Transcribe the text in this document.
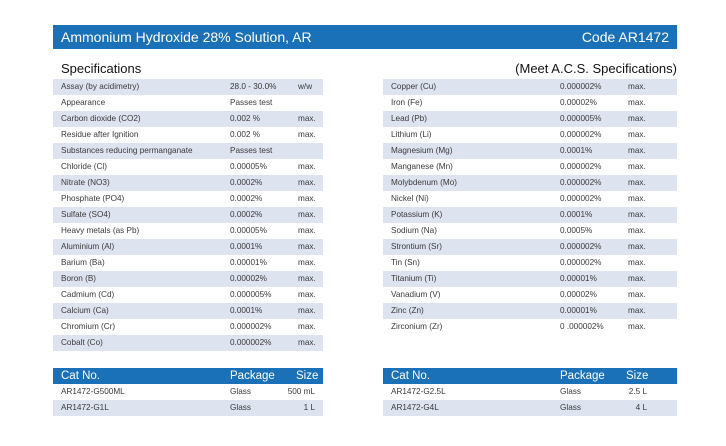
Ammonium Hydroxide 28% Solution, AR	Code AR1472
Specifications	(Meet A.C.S. Specifications)
Assay (by acidimetry)	28.0 - 30.0%	w/w
Appearance	Passes test
Carbon dioxide (CO2)	0.002 %	max.
Residue after Ignition	0.002 %	max.
Substances reducing permanganate	Passes test
Chloride (Cl)	0.00005%	max.
Nitrate (NO3)	0.0002%	max.
Phosphate (PO4)	0.0002%	max.
Sulfate (SO4)	0.0002%	max.
Heavy metals (as Pb)	0.00005%	max.
Aluminium (Al)	0.0001%	max.
Barium (Ba)	0.00001%	max.
Boron (B)	0.00002%	max.
Cadmium (Cd)	0.000005%	max.
Calcium (Ca)	0.0001%	max.
Chromium (Cr)	0.000002%	max.
Cobalt (Co)	0.000002%	max.
Copper (Cu)	0.000002%	max.
Iron (Fe)	0.00002%	max.
Lead (Pb)	0.000005%	max.
Lithium (Li)	0.000002%	max.
Magnesium (Mg)	0.0001%	max.
Manganese (Mn)	0.000002%	max.
Molybdenum (Mo)	0.000002%	max.
Nickel (Ni)	0.000002%	max.
Potassium (K)	0.0001%	max.
Sodium (Na)	0.0005%	max.
Strontium (Sr)	0.000002%	max.
Tin (Sn)	0.000002%	max.
Titanium (Ti)	0.00001%	max.
Vanadium (V)	0.00002%	max.
Zinc (Zn)	0.00001%	max.
Zirconium (Zr)	0 .000002%	max.
Cat No.	Package Size
AR1472-G500ML	Glass	500 mL
AR1472-G1L	Glass	1 L
Cat No.	Package Size
AR1472-G2.5L	Glass	2.5 L
AR1472-G4L	Glass	4 L
